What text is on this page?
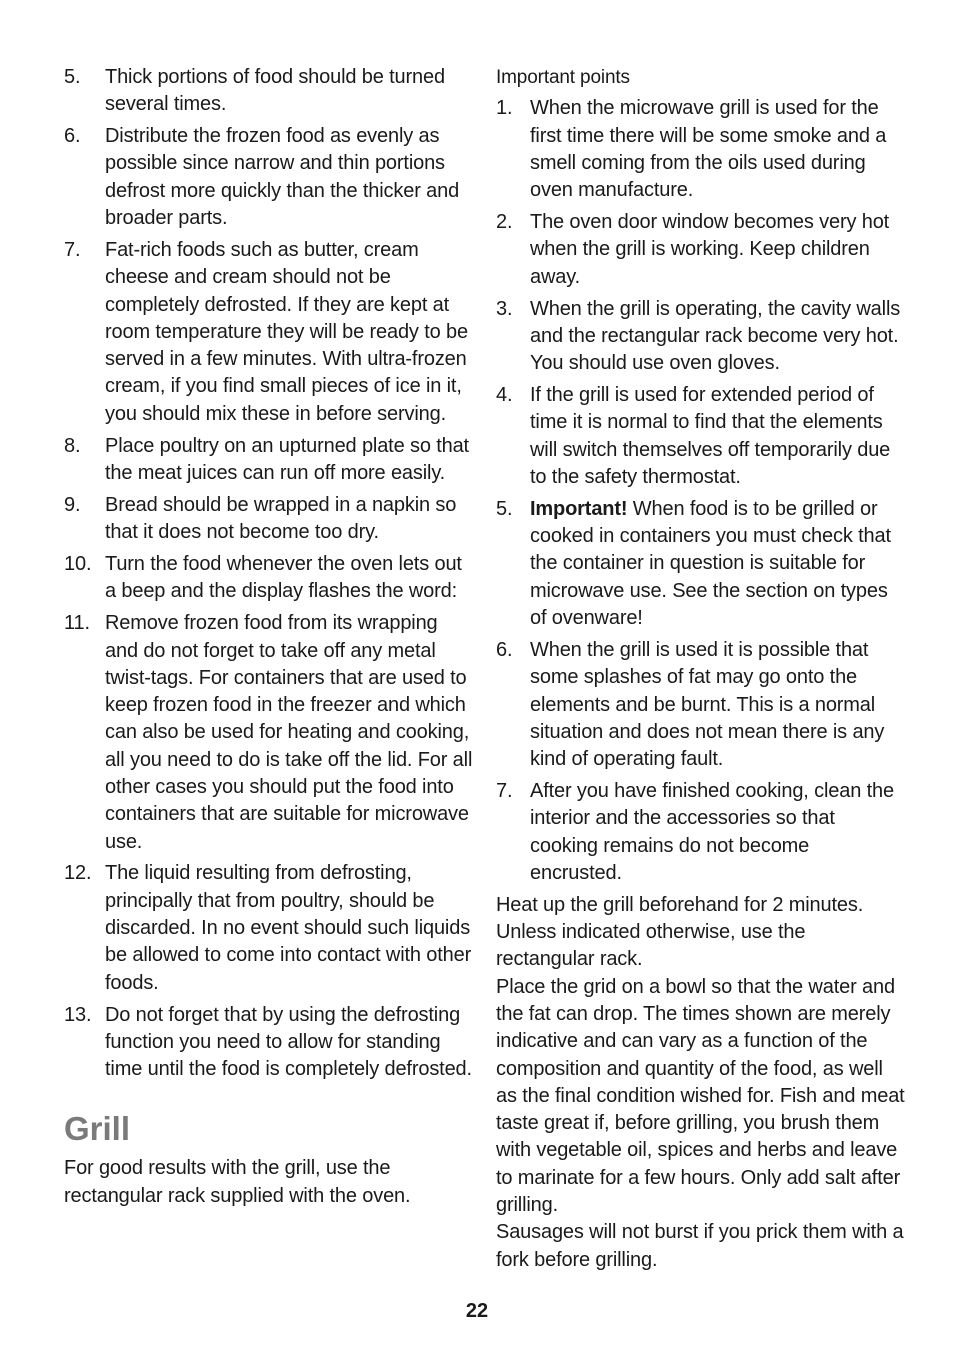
5.	Thick portions of food should be turned several times.
6.	Distribute the frozen food as evenly as possible since narrow and thin portions defrost more quickly than the thicker and broader parts.
7.	Fat-rich foods such as butter, cream cheese and cream should not be completely defrosted. If they are kept at room temperature they will be ready to be served in a few minutes. With ultra-frozen cream, if you find small pieces of ice in it, you should mix these in before serving.
8.	Place poultry on an upturned plate so that the meat juices can run off more easily.
9.	Bread should be wrapped in a napkin so that it does not become too dry.
10. Turn the food whenever the oven lets out a beep and the display flashes the word:
11. Remove frozen food from its wrapping and do not forget to take off any metal twist-tags. For containers that are used to keep frozen food in the freezer and which can also be used for heating and cooking, all you need to do is take off the lid. For all other cases you should put the food into containers that are suitable for microwave use.
12. The liquid resulting from defrosting, principally that from poultry, should be discarded. In no event should such liquids be allowed to come into contact with other foods.
13. Do not forget that by using the defrosting function you need to allow for standing time until the food is completely defrosted.
Grill

For good results with the grill, use the rectangular rack supplied with the oven.

Important points

1. When the microwave grill is used for the first time there will be some smoke and a smell coming from the oils used during oven manufacture.
2. The oven door window becomes very hot when the grill is working. Keep children away.
3. When the grill is operating, the cavity walls and the rectangular rack become very hot. You should use oven gloves.
4. If the grill is used for extended period of time it is normal to find that the elements will switch themselves off temporarily due to the safety thermostat.
5. Important! When food is to be grilled or cooked in containers you must check that the container in question is suitable for microwave use. See the section on types of ovenware!
6. When the grill is used it is possible that some splashes of fat may go onto the elements and be burnt. This is a normal situation and does not mean there is any kind of operating fault.
7. After you have finished cooking, clean the interior and the accessories so that cooking remains do not become encrusted.

Heat up the grill beforehand for 2 minutes. Unless indicated otherwise, use the rectangular rack.

Place the grid on a bowl so that the water and the fat can drop. The times shown are merely indicative and can vary as a function of the composition and quantity of the food, as well as the final condition wished for. Fish and meat taste great if, before grilling, you brush them with vegetable oil, spices and herbs and leave to marinate for a few hours. Only add salt after grilling.

Sausages will not burst if you prick them with a fork before grilling.

22
